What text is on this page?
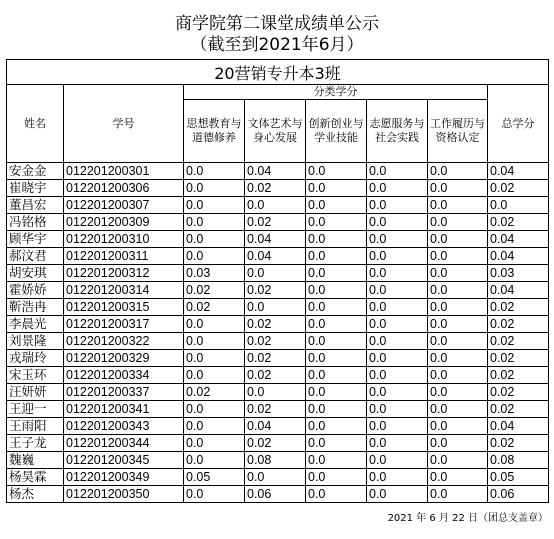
商学院第二课堂成绩单公示
（截至到2021年6月）
20营销专升本3班							
姓名	学号	分类学分					总学分
		思想教育与道德修养	文体艺术与身心发展	创新创业与学业技能	志愿服务与社会实践	工作履历与资格认定	
安金金	012201200301	0.0	0.04	0.0	0.0	0.0	0.04
崔晓宇	012201200306	0.0	0.02	0.0	0.0	0.0	0.02
董昌宏	012201200307	0.0	0.0	0.0	0.0	0.0	0.0
冯铭格	012201200309	0.0	0.02	0.0	0.0	0.0	0.02
顾华宇	012201200310	0.0	0.04	0.0	0.0	0.0	0.04
郝汶君	012201200311	0.0	0.04	0.0	0.0	0.0	0.04
胡安琪	012201200312	0.03	0.0	0.0	0.0	0.0	0.03
霍娇娇	012201200314	0.02	0.02	0.0	0.0	0.0	0.04
靳浩冉	012201200315	0.02	0.0	0.0	0.0	0.0	0.02
李晨光	012201200317	0.0	0.02	0.0	0.0	0.0	0.02
刘景隆	012201200322	0.0	0.02	0.0	0.0	0.0	0.02
戎瑞玲	012201200329	0.0	0.02	0.0	0.0	0.0	0.02
宋玉环	012201200334	0.0	0.02	0.0	0.0	0.0	0.02
汪妍妍	012201200337	0.02	0.0	0.0	0.0	0.0	0.02
王迎一	012201200341	0.0	0.02	0.0	0.0	0.0	0.02
王雨阳	012201200343	0.0	0.04	0.0	0.0	0.0	0.04
王子龙	012201200344	0.0	0.02	0.0	0.0	0.0	0.02
魏巍	012201200345	0.0	0.08	0.0	0.0	0.0	0.08
杨昊霖	012201200349	0.05	0.0	0.0	0.0	0.0	0.05
杨杰	012201200350	0.0	0.06	0.0	0.0	0.0	0.06
2021 年 6 月 22 日（团总支盖章）
